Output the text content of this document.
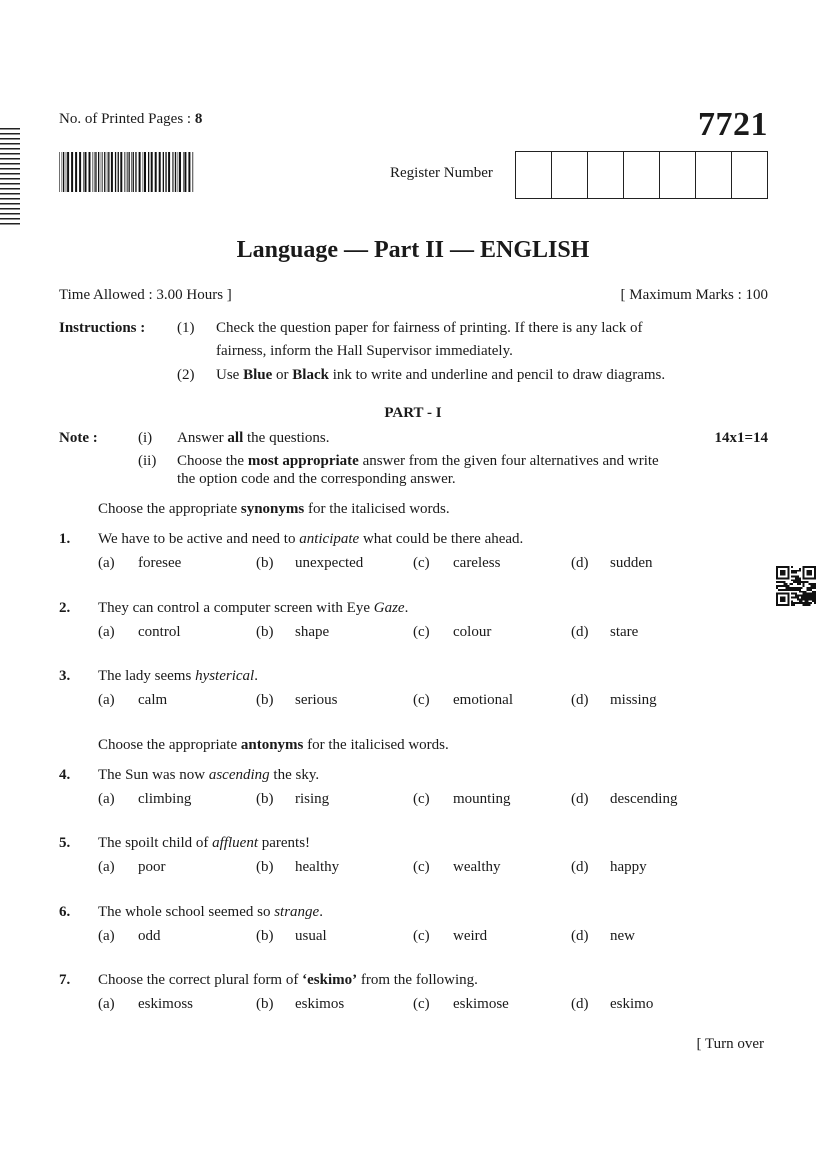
No. of Printed Pages : 8	7721
Register Number
Language — Part II — ENGLISH
Time Allowed : 3.00 Hours ]	[ Maximum Marks : 100
Instructions : (1) Check the question paper for fairness of printing. If there is any lack of
fairness, inform the Hall Supervisor immediately.
(2) Use Blue or Black ink to write and underline and pencil to draw diagrams.
PART - I
Note :	14x1=14
(i) Answer all the questions.
(ii) Choose the most appropriate answer from the given four alternatives and write
the option code and the corresponding answer.
Choose the appropriate synonyms for the italicised words.
Choose the appropriate antonyms for the italicised words.
1. We have to be active and need to anticipate what could be there ahead.
(a) foresee	(b) unexpected	(c) careless	(d) sudden
2. They can control a computer screen with Eye Gaze.
(a) control	(b) shape	(c) colour	(d) stare
3. The lady seems hysterical.
(a) calm	(b) serious	(c) emotional	(d) missing
4. The Sun was now ascending the sky.
(a) climbing	(b) rising	(c) mounting	(d) descending
5. The spoilt child of affluent parents!
(a) poor	(b) healthy	(c) wealthy	(d) happy
6. The whole school seemed so strange.
(a) odd	(b) usual	(c) weird	(d) new
7. Choose the correct plural form of ‘eskimo’ from the following.
(a) eskimoss	(b) eskimos	(c) eskimose	(d) eskimo
[ Turn over
